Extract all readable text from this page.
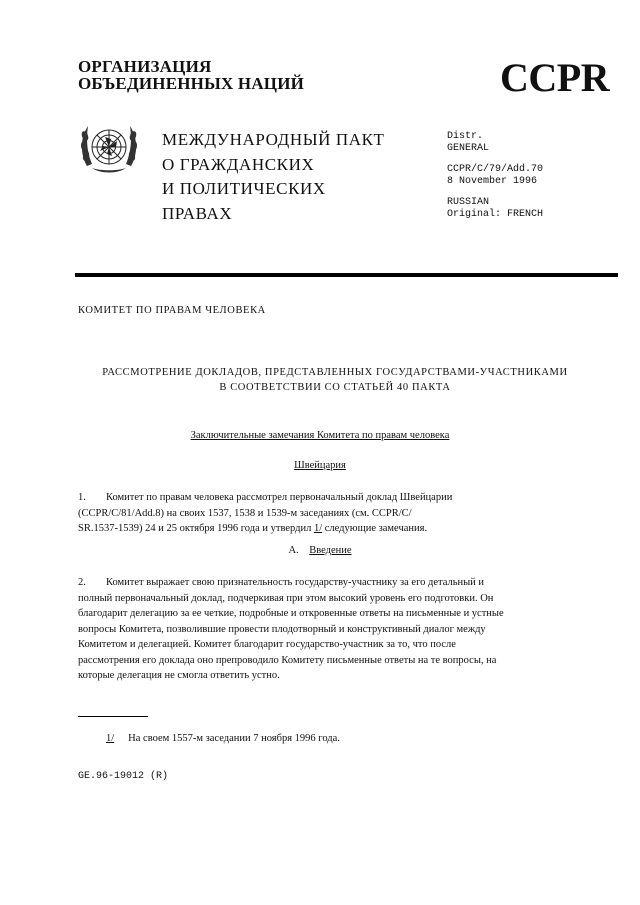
ОРГАНИЗАЦИЯ
ОБЪЕДИНЕННЫХ НАЦИЙ	CCPR
МЕЖДУНАРОДНЫЙ ПАКТ
О ГРАЖДАНСКИХ
И ПОЛИТИЧЕСКИХ
ПРАВАХ
Distr.
GENERAL
CCPR/C/79/Add.70
8 November 1996
RUSSIAN
Original: FRENCH
КОМИТЕТ ПО ПРАВАМ ЧЕЛОВЕКА
РАССМОТРЕНИЕ ДОКЛАДОВ, ПРЕДСТАВЛЕННЫХ ГОСУДАРСТВАМИ-УЧАСТНИКАМИ
В СООТВЕТСТВИИ СО СТАТЬЕЙ 40 ПАКТА
Заключительные замечания Комитета по правам человека
Швейцария
1. Комитет по правам человека рассмотрел первоначальный доклад Швейцарии
(CCPR/C/81/Add.8) на своих 1537, 1538 и 1539-м заседаниях (см. CCPR/C/
SR.1537-1539) 24 и 25 октября 1996 года и утвердил 1/ следующие замечания.
A. Введение
2. Комитет выражает свою признательность государству-участнику за его детальный и
полный первоначальный доклад, подчеркивая при этом высокий уровень его подготовки. Он
благодарит делегацию за ее четкие, подробные и откровенные ответы на письменные и устные
вопросы Комитета, позволившие провести плодотворный и конструктивный диалог между
Комитетом и делегацией. Комитет благодарит государство-участник за то, что после
рассмотрения его доклада оно препроводило Комитету письменные ответы на те вопросы, на
которые делегация не смогла ответить устно.
1/ На своем 1557-м заседании 7 ноября 1996 года.
GE.96-19012 (R)
